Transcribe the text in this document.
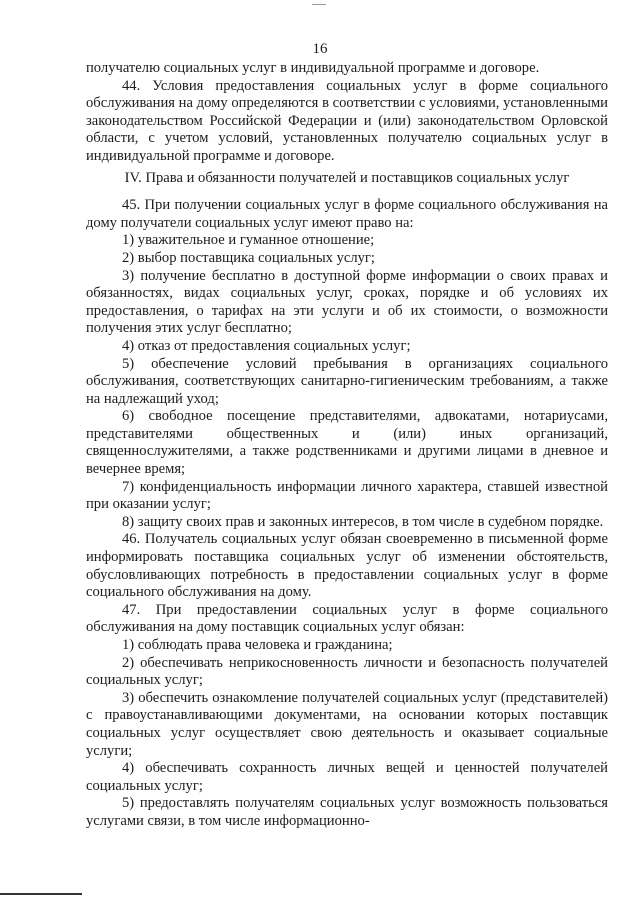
16

получателю социальных услуг в индивидуальной программе и договоре.

44. Условия предоставления социальных услуг в форме социального обслуживания на дому определяются в соответствии с условиями, установленными законодательством Российской Федерации и (или) законодательством Орловской области, с учетом условий, установленных получателю социальных услуг в индивидуальной программе и договоре.

IV. Права и обязанности получателей и поставщиков социальных услуг

45. При получении социальных услуг в форме социального обслуживания на дому получатели социальных услуг имеют право на:

1) уважительное и гуманное отношение;

2) выбор поставщика социальных услуг;

3) получение бесплатно в доступной форме информации о своих правах и обязанностях, видах социальных услуг, сроках, порядке и об условиях их предоставления, о тарифах на эти услуги и об их стоимости, о возможности получения этих услуг бесплатно;

4) отказ от предоставления социальных услуг;

5) обеспечение условий пребывания в организациях социального обслуживания, соответствующих санитарно-гигиеническим требованиям, а также на надлежащий уход;

6) свободное посещение представителями, адвокатами, нотариусами, представителями общественных и (или) иных организаций, священнослужителями, а также родственниками и другими лицами в дневное и вечернее время;

7) конфиденциальность информации личного характера, ставшей известной при оказании услуг;

8) защиту своих прав и законных интересов, в том числе в судебном порядке.

46. Получатель социальных услуг обязан своевременно в письменной форме информировать поставщика социальных услуг об изменении обстоятельств, обусловливающих потребность в предоставлении социальных услуг в форме социального обслуживания на дому.

47. При предоставлении социальных услуг в форме социального обслуживания на дому поставщик социальных услуг обязан:

1) соблюдать права человека и гражданина;

2) обеспечивать неприкосновенность личности и безопасность получателей социальных услуг;

3) обеспечить ознакомление получателей социальных услуг (представителей) с правоустанавливающими документами, на основании которых поставщик социальных услуг осуществляет свою деятельность и оказывает социальные услуги;

4) обеспечивать сохранность личных вещей и ценностей получателей социальных услуг;

5) предоставлять получателям социальных услуг возможность пользоваться услугами связи, в том числе информационно-
